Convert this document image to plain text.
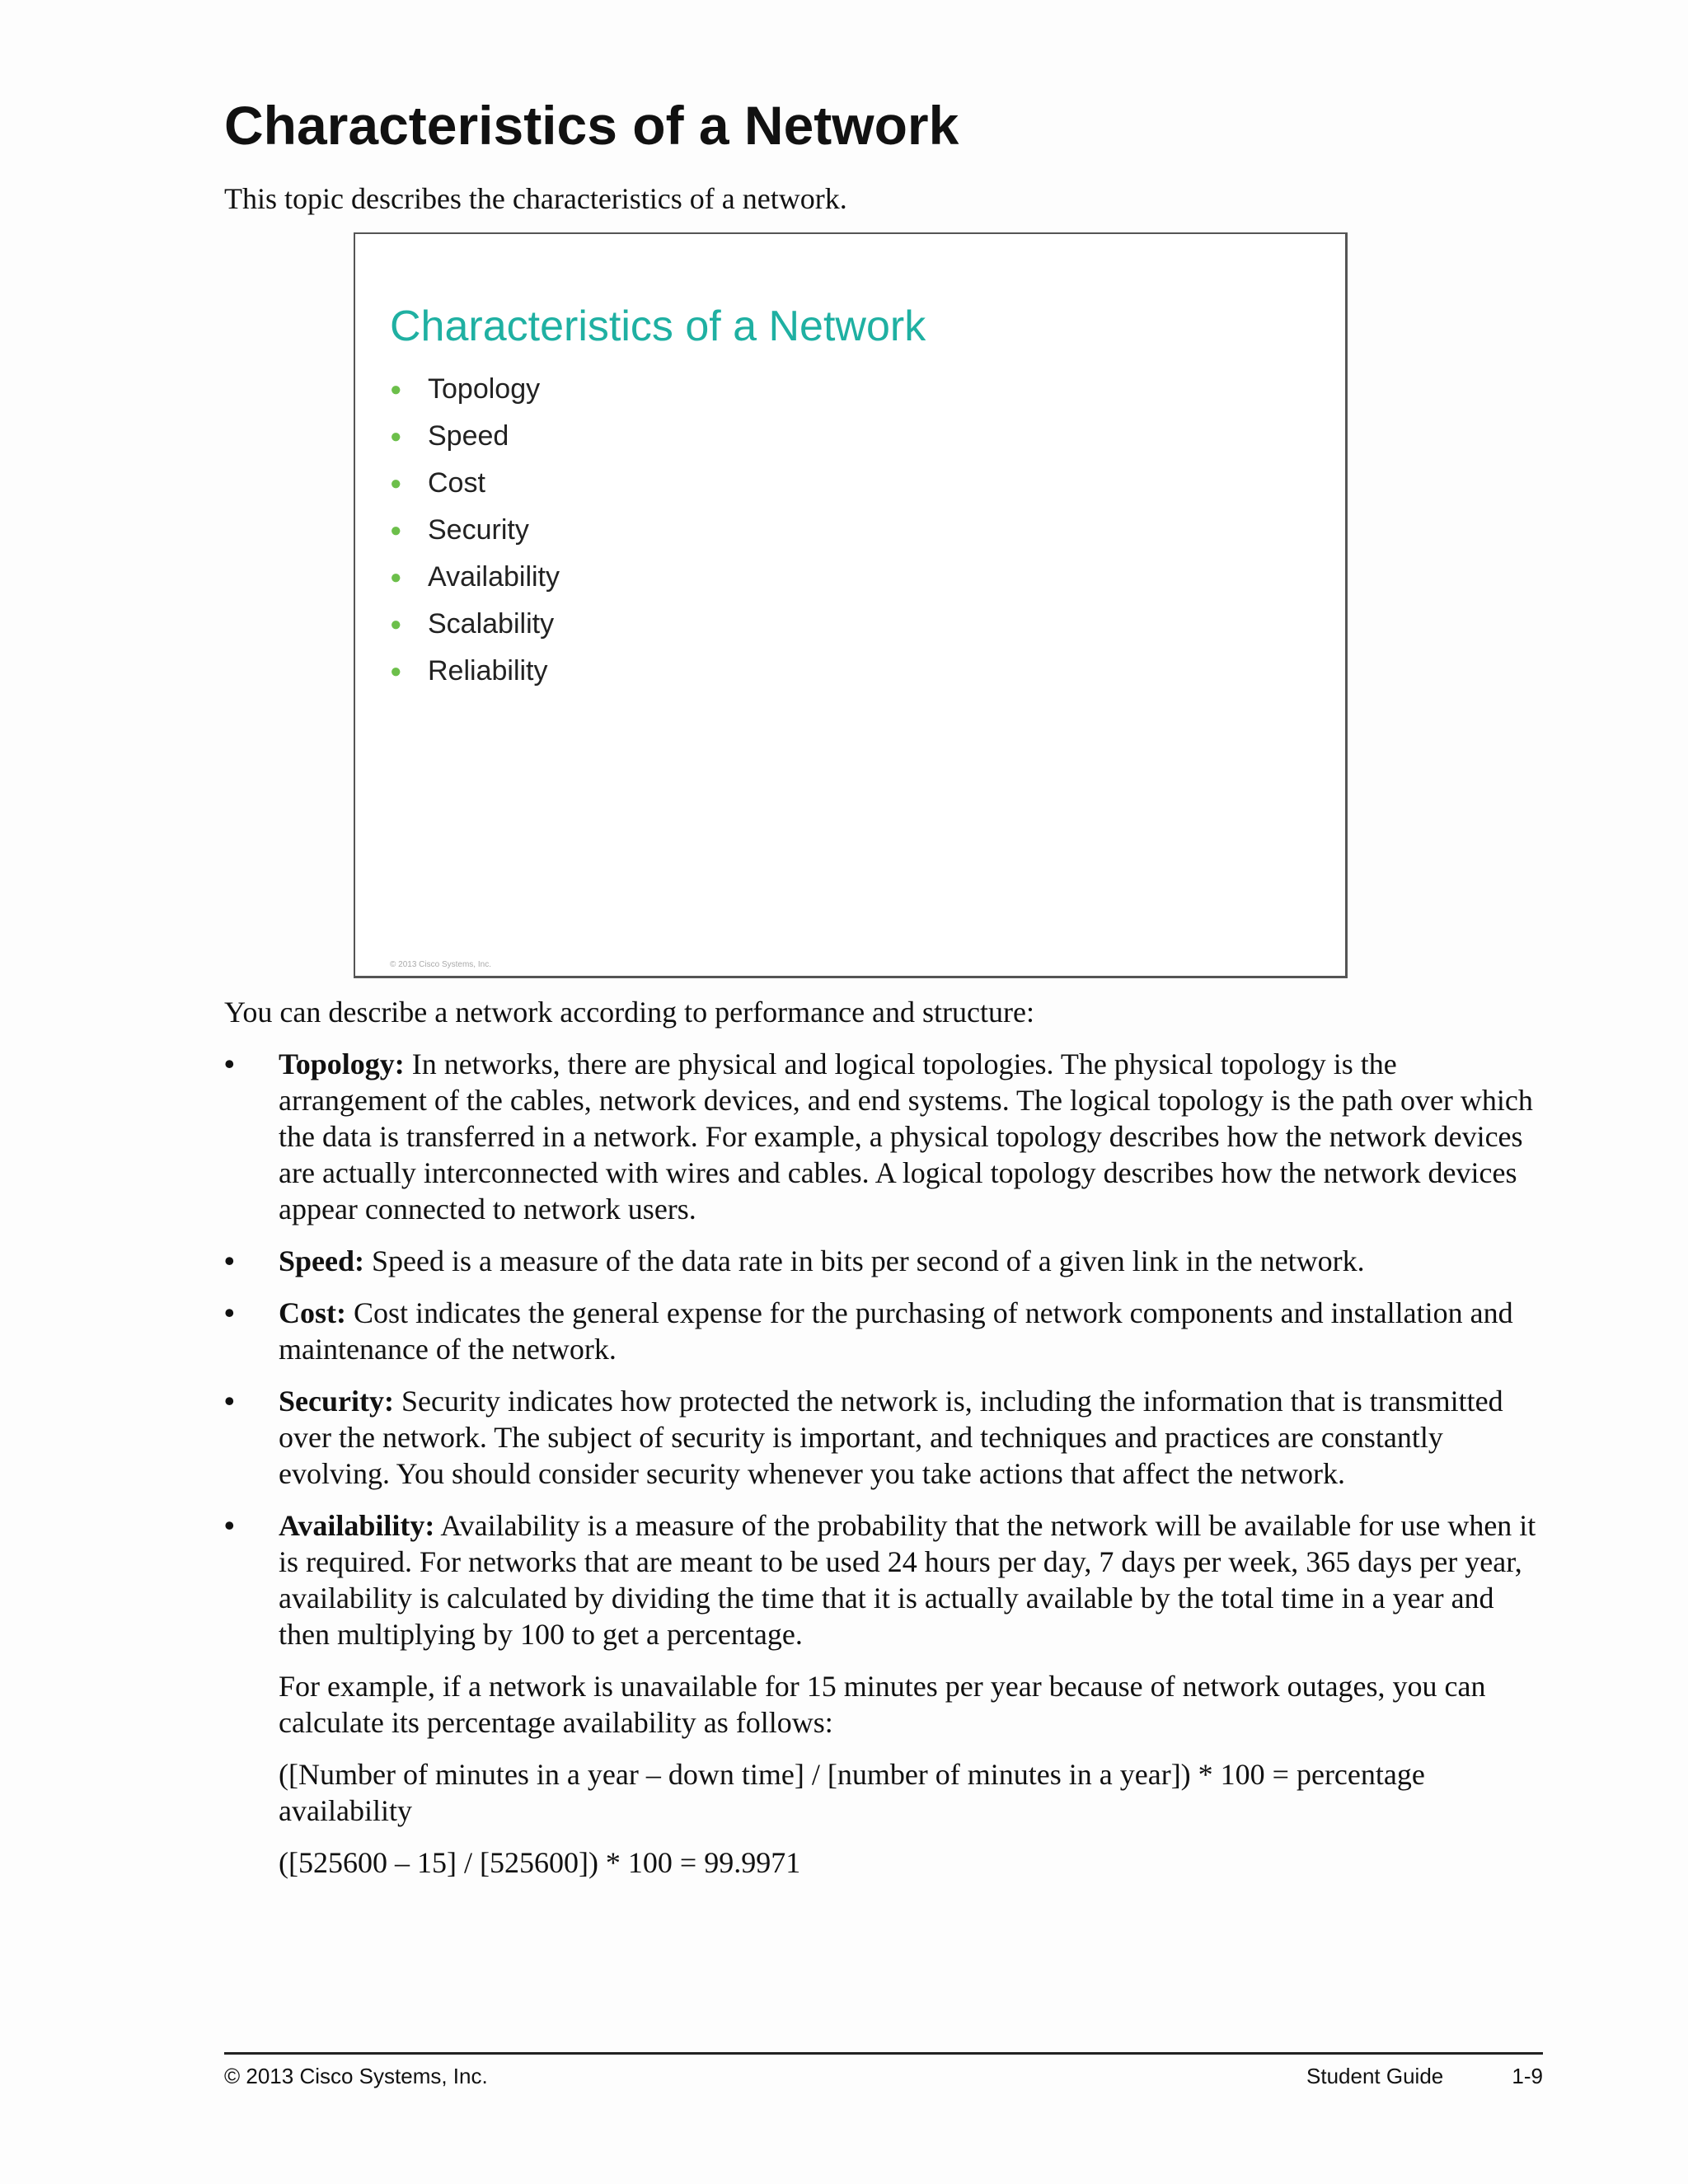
Characteristics of a Network

This topic describes the characteristics of a network.

Characteristics of a Network
● Topology
● Speed
● Cost
● Security
● Availability
● Scalability
● Reliability
© 2013 Cisco Systems, Inc.

You can describe a network according to performance and structure:

• Topology: In networks, there are physical and logical topologies. The physical topology is the arrangement of the cables, network devices, and end systems. The logical topology is the path over which the data is transferred in a network. For example, a physical topology describes how the network devices are actually interconnected with wires and cables. A logical topology describes how the network devices appear connected to network users.
• Speed: Speed is a measure of the data rate in bits per second of a given link in the network.
• Cost: Cost indicates the general expense for the purchasing of network components and installation and maintenance of the network.
• Security: Security indicates how protected the network is, including the information that is transmitted over the network. The subject of security is important, and techniques and practices are constantly evolving. You should consider security whenever you take actions that affect the network.
• Availability: Availability is a measure of the probability that the network will be available for use when it is required. For networks that are meant to be used 24 hours per day, 7 days per week, 365 days per year, availability is calculated by dividing the time that it is actually available by the total time in a year and then multiplying by 100 to get a percentage.

For example, if a network is unavailable for 15 minutes per year because of network outages, you can calculate its percentage availability as follows:

([Number of minutes in a year – down time] / [number of minutes in a year]) * 100 = percentage availability

([525600 – 15] / [525600]) * 100 = 99.9971

© 2013 Cisco Systems, Inc.	Student Guide	1-9
